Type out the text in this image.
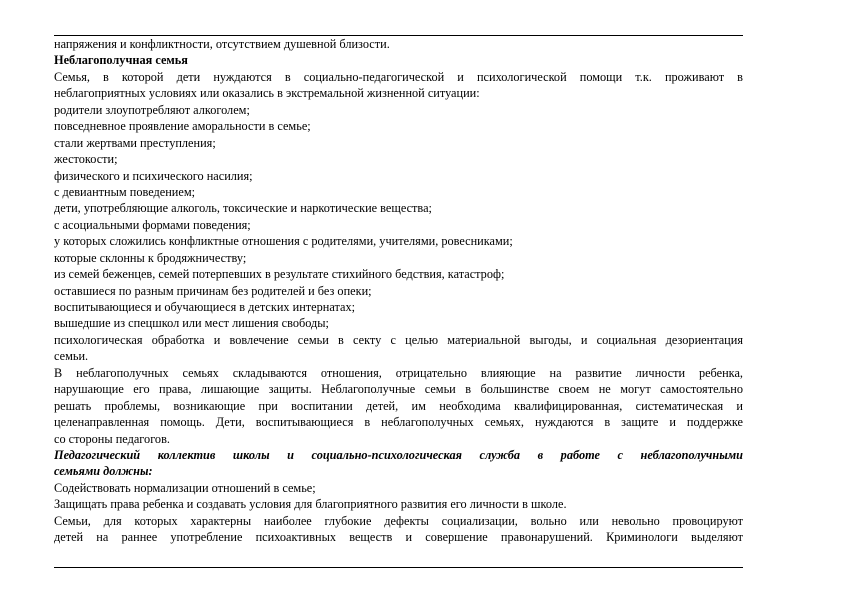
напряжения и конфликтности, отсутствием душевной близости.
Неблагополучная семья
Семья, в которой дети нуждаются в социально-педагогической и психологической помощи т.к. проживают в
неблагоприятных условиях или оказались в экстремальной жизненной ситуации:
родители злоупотребляют алкоголем;
повседневное проявление аморальности в семье;
стали жертвами преступления;
жестокости;
физического и психического насилия;
с девиантным поведением;
дети, употребляющие алкоголь, токсические и наркотические вещества;
с асоциальными формами поведения;
у которых сложились конфликтные отношения с родителями, учителями, ровесниками;
которые склонны к бродяжничеству;
из семей беженцев, семей потерпевших в результате стихийного бедствия, катастроф;
оставшиеся по разным причинам без родителей и без опеки;
воспитывающиеся и обучающиеся в детских интернатах;
вышедшие из спецшкол или мест лишения свободы;
психологическая обработка и вовлечение семьи в секту с целью материальной выгоды, и социальная дезориентация
семьи.
В неблагополучных семьях складываются отношения, отрицательно влияющие на развитие личности ребенка,
нарушающие его права, лишающие защиты. Неблагополучные семьи в большинстве своем не могут самостоятельно
решать проблемы, возникающие при воспитании детей, им необходима квалифицированная, систематическая и
целенаправленная помощь. Дети, воспитывающиеся в неблагополучных семьях, нуждаются в защите и поддержке
со стороны педагогов.
Педагогический коллектив школы и социально-психологическая служба в работе с неблагополучными
семьями должны:
Содействовать нормализации отношений в семье;
Защищать права ребенка и создавать условия для благоприятного развития его личности в школе.
Семьи, для которых характерны наиболее глубокие дефекты социализации, вольно или невольно провоцируют
детей на раннее употребление психоактивных веществ и совершение правонарушений. Криминологи выделяют
